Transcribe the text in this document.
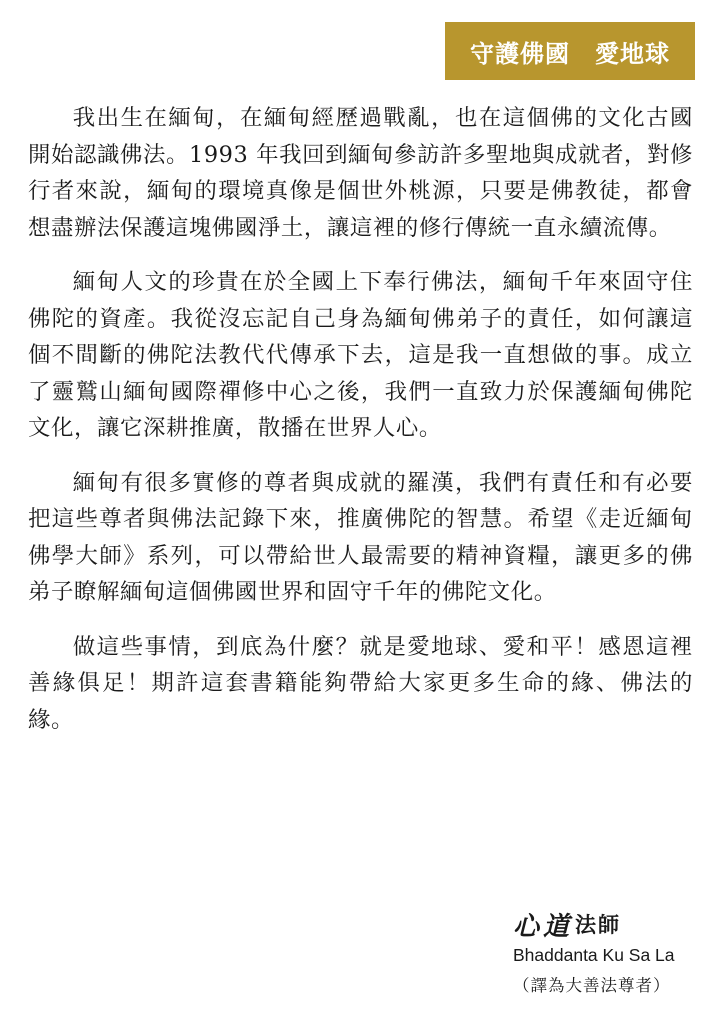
守護佛國　愛地球

我出生在緬甸，在緬甸經歷過戰亂，也在這個佛的文化古國開始認識佛法。1993 年我回到緬甸參訪許多聖地與成就者，對修行者來說，緬甸的環境真像是個世外桃源，只要是佛教徒，都會想盡辦法保護這塊佛國淨土，讓這裡的修行傳統一直永續流傳。

緬甸人文的珍貴在於全國上下奉行佛法，緬甸千年來固守住佛陀的資產。我從沒忘記自己身為緬甸佛弟子的責任，如何讓這個不間斷的佛陀法教代代傳承下去，這是我一直想做的事。成立了靈鷲山緬甸國際禪修中心之後，我們一直致力於保護緬甸佛陀文化，讓它深耕推廣，散播在世界人心。

緬甸有很多實修的尊者與成就的羅漢，我們有責任和有必要把這些尊者與佛法記錄下來，推廣佛陀的智慧。希望《走近緬甸佛學大師》系列，可以帶給世人最需要的精神資糧，讓更多的佛弟子瞭解緬甸這個佛國世界和固守千年的佛陀文化。

做這些事情，到底為什麼？就是愛地球、愛和平！感恩這裡善緣俱足！期許這套書籍能夠帶給大家更多生命的緣、佛法的緣。

心道 法師
Bhaddanta Ku Sa La
（譯為大善法尊者）
